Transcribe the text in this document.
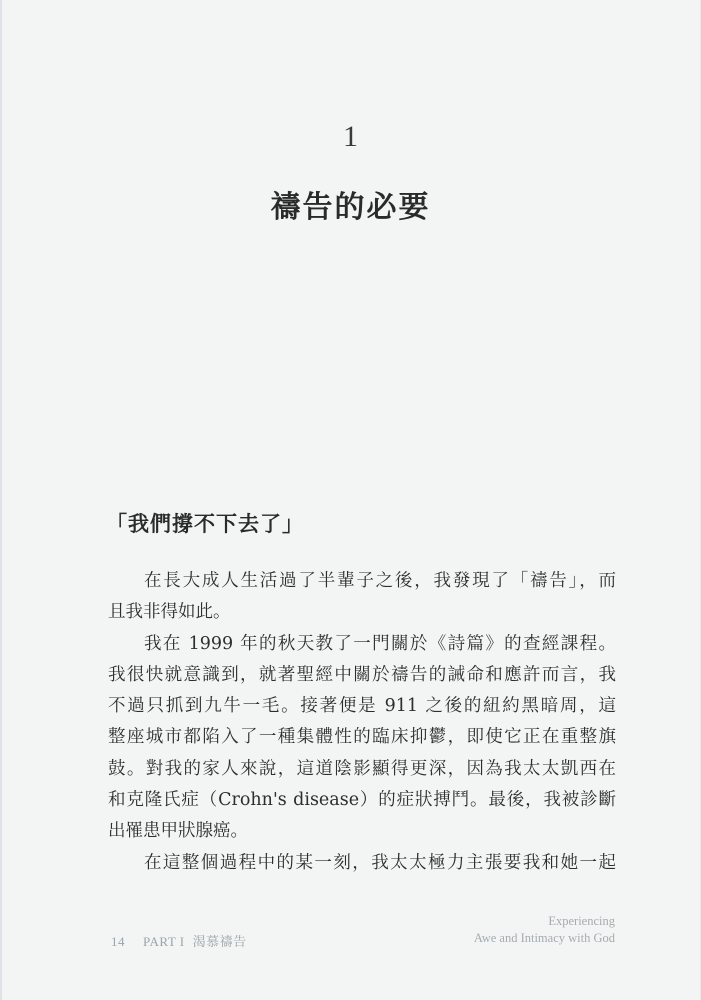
1
禱告的必要
「我們撐不下去了」
在長大成人生活過了半輩子之後，我發現了「禱告」，而
且我非得如此。
我在 1999 年的秋天教了一門關於《詩篇》的查經課程。
我很快就意識到，就著聖經中關於禱告的誡命和應許而言，我
不過只抓到九牛一毛。接著便是 911 之後的紐約黑暗周，這
整座城市都陷入了一種集體性的臨床抑鬱，即使它正在重整旗
鼓。對我的家人來說，這道陰影顯得更深，因為我太太凱西在
和克隆氏症（Crohn's disease）的症狀搏鬥。最後，我被診斷
出罹患甲狀腺癌。
在這整個過程中的某一刻，我太太極力主張要我和她一起
14 PART I 渴慕禱告
Experiencing
Awe and Intimacy with God
